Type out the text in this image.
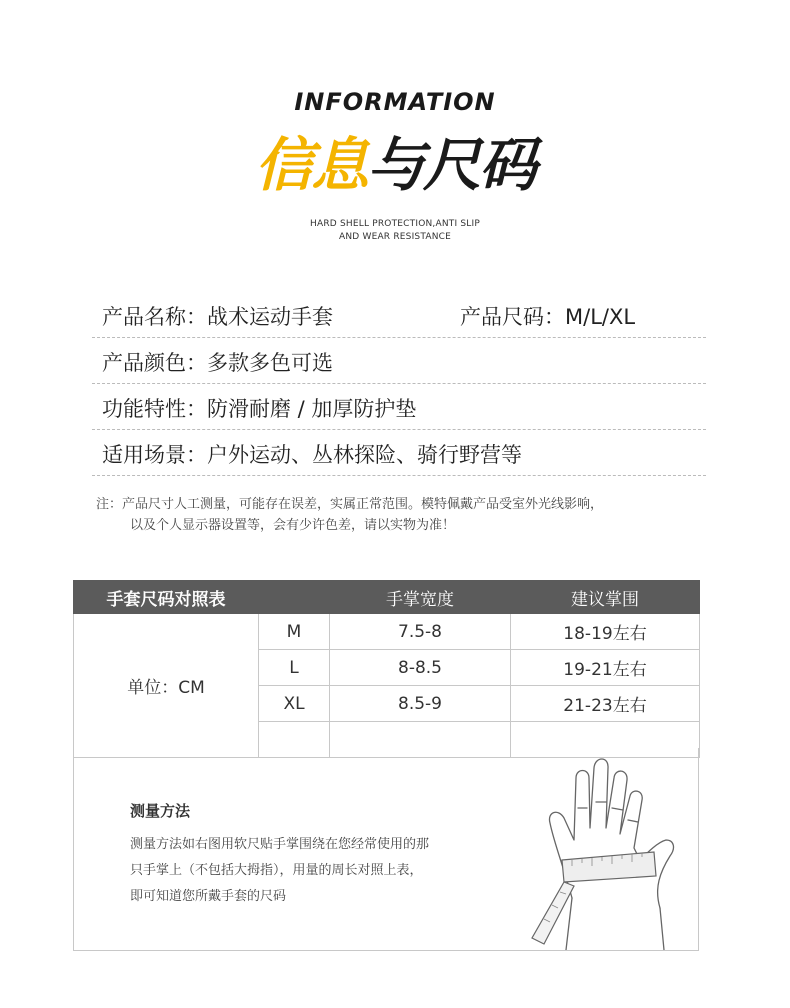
INFORMATION
信息与尺码
HARD SHELL PROTECTION,ANTI SLIP
AND WEAR RESISTANCE
产品名称：战术运动手套	产品尺码：M/L/XL
产品颜色：多款多色可选
功能特性：防滑耐磨 / 加厚防护垫
适用场景：户外运动、丛林探险、骑行野营等
注：产品尺寸人工测量，可能存在误差，实属正常范围。模特佩戴产品受室外光线影响，
以及个人显示器设置等，会有少许色差，请以实物为准！
手套尺码对照表		手掌宽度	建议掌围
单位：CM	M	7.5-8	18-19左右
	L	8-8.5	19-21左右
	XL	8.5-9	21-23左右

测量方法
测量方法如右图用软尺贴手掌围绕在您经常使用的那
只手掌上（不包括大拇指），用量的周长对照上表，
即可知道您所戴手套的尺码
